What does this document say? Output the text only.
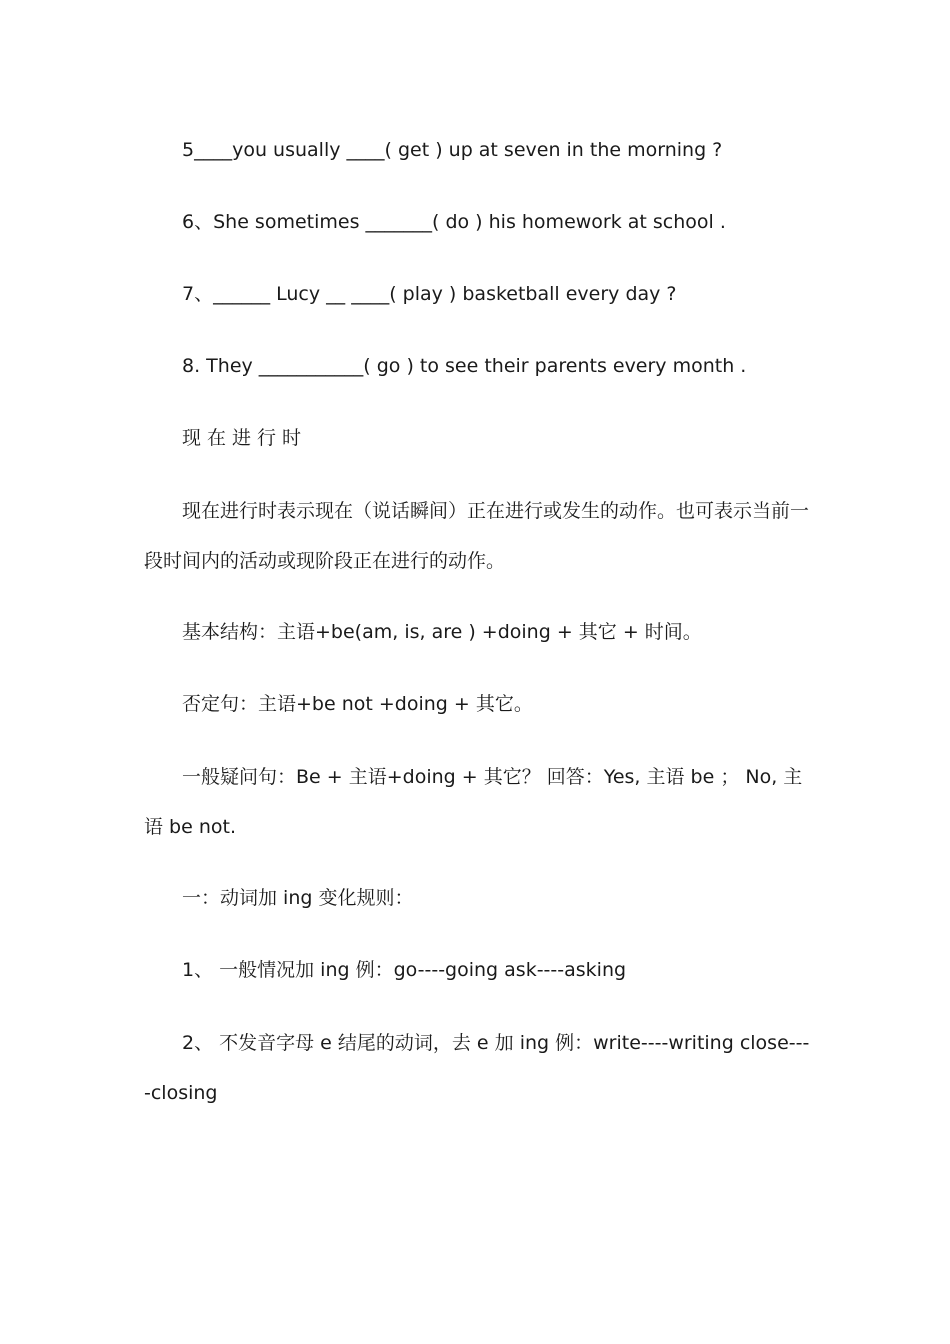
5____you usually ____( get ) up at seven in the morning ?
6、She sometimes _______( do ) his homework at school .
7、______ Lucy __ ____( play ) basketball every day ?
8. They ___________( go ) to see their parents every month .
现在进行时
现在进行时表示现在（说话瞬间）正在进行或发生的动作。也可表示当前一段时间内的活动或现阶段正在进行的动作。
基本结构：主语+be(am, is, are ) +doing + 其它 + 时间。
否定句：主语+be not +doing + 其它。
一般疑问句：Be + 主语+doing + 其它？ 回答：Yes, 主语 be ； No, 主语 be not.
一：动词加 ing 变化规则：
1、 一般情况加 ing 例：go----going ask----asking
2、 不发音字母 e 结尾的动词，去 e 加 ing 例：write----writing close----closing
